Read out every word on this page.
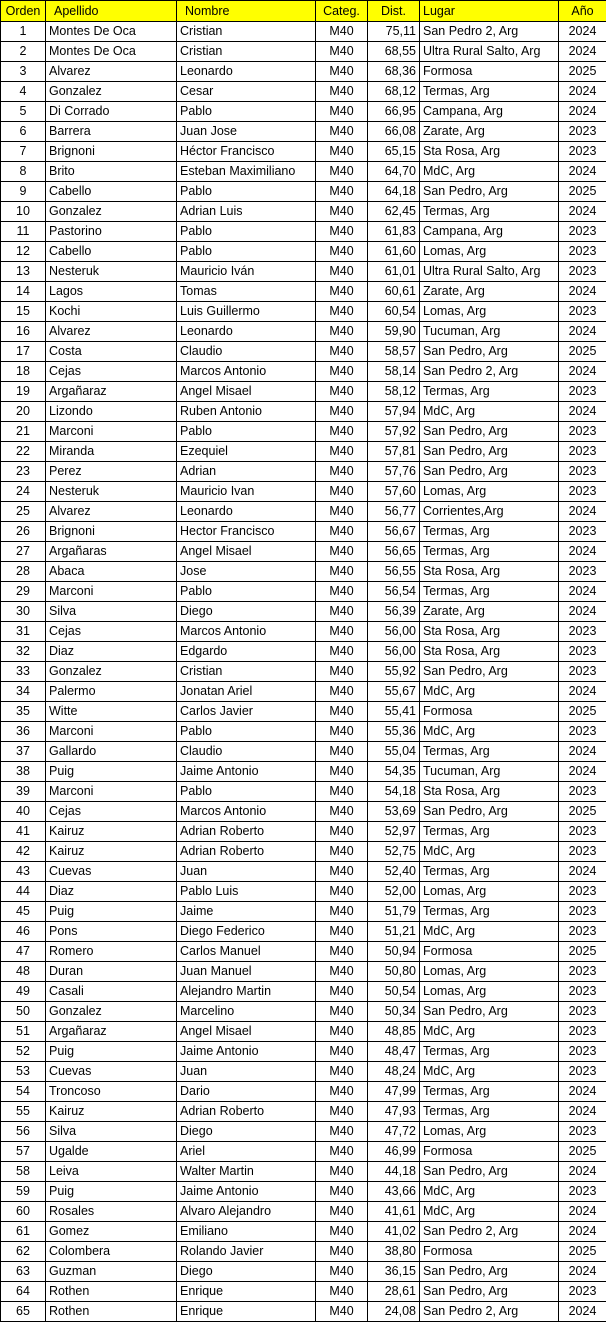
Orden	Apellido	Nombre	Categ.	Dist.	Lugar	Año
1	Montes De Oca	Cristian	M40	75,11	San Pedro 2, Arg	2024
2	Montes De Oca	Cristian	M40	68,55	Ultra Rural Salto, Arg	2024
3	Alvarez	Leonardo	M40	68,36	Formosa	2025
4	Gonzalez	Cesar	M40	68,12	Termas, Arg	2024
5	Di Corrado	Pablo	M40	66,95	Campana, Arg	2024
6	Barrera	Juan Jose	M40	66,08	Zarate, Arg	2023
7	Brignoni	Héctor Francisco	M40	65,15	Sta Rosa, Arg	2023
8	Brito	Esteban Maximiliano	M40	64,70	MdC, Arg	2024
9	Cabello	Pablo	M40	64,18	San Pedro, Arg	2025
10	Gonzalez	Adrian Luis	M40	62,45	Termas, Arg	2024
11	Pastorino	Pablo	M40	61,83	Campana, Arg	2023
12	Cabello	Pablo	M40	61,60	Lomas, Arg	2023
13	Nesteruk	Mauricio Iván	M40	61,01	Ultra Rural Salto, Arg	2023
14	Lagos	Tomas	M40	60,61	Zarate, Arg	2024
15	Kochi	Luis Guillermo	M40	60,54	Lomas, Arg	2023
16	Alvarez	Leonardo	M40	59,90	Tucuman, Arg	2024
17	Costa	Claudio	M40	58,57	San Pedro, Arg	2025
18	Cejas	Marcos Antonio	M40	58,14	San Pedro 2, Arg	2024
19	Argañaraz	Angel Misael	M40	58,12	Termas, Arg	2023
20	Lizondo	Ruben Antonio	M40	57,94	MdC, Arg	2024
21	Marconi	Pablo	M40	57,92	San Pedro, Arg	2023
22	Miranda	Ezequiel	M40	57,81	San Pedro, Arg	2023
23	Perez	Adrian	M40	57,76	San Pedro, Arg	2023
24	Nesteruk	Mauricio Ivan	M40	57,60	Lomas, Arg	2023
25	Alvarez	Leonardo	M40	56,77	Corrientes,Arg	2024
26	Brignoni	Hector Francisco	M40	56,67	Termas, Arg	2023
27	Argañaras	Angel Misael	M40	56,65	Termas, Arg	2024
28	Abaca	Jose	M40	56,55	Sta Rosa, Arg	2023
29	Marconi	Pablo	M40	56,54	Termas, Arg	2024
30	Silva	Diego	M40	56,39	Zarate, Arg	2024
31	Cejas	Marcos Antonio	M40	56,00	Sta Rosa, Arg	2023
32	Diaz	Edgardo	M40	56,00	Sta Rosa, Arg	2023
33	Gonzalez	Cristian	M40	55,92	San Pedro, Arg	2023
34	Palermo	Jonatan Ariel	M40	55,67	MdC, Arg	2024
35	Witte	Carlos Javier	M40	55,41	Formosa	2025
36	Marconi	Pablo	M40	55,36	MdC, Arg	2023
37	Gallardo	Claudio	M40	55,04	Termas, Arg	2024
38	Puig	Jaime Antonio	M40	54,35	Tucuman, Arg	2024
39	Marconi	Pablo	M40	54,18	Sta Rosa, Arg	2023
40	Cejas	Marcos Antonio	M40	53,69	San Pedro, Arg	2025
41	Kairuz	Adrian Roberto	M40	52,97	Termas, Arg	2023
42	Kairuz	Adrian Roberto	M40	52,75	MdC, Arg	2023
43	Cuevas	Juan	M40	52,40	Termas, Arg	2024
44	Diaz	Pablo Luis	M40	52,00	Lomas, Arg	2023
45	Puig	Jaime	M40	51,79	Termas, Arg	2023
46	Pons	Diego Federico	M40	51,21	MdC, Arg	2023
47	Romero	Carlos Manuel	M40	50,94	Formosa	2025
48	Duran	Juan Manuel	M40	50,80	Lomas, Arg	2023
49	Casali	Alejandro Martin	M40	50,54	Lomas, Arg	2023
50	Gonzalez	Marcelino	M40	50,34	San Pedro, Arg	2023
51	Argañaraz	Angel Misael	M40	48,85	MdC, Arg	2023
52	Puig	Jaime Antonio	M40	48,47	Termas, Arg	2023
53	Cuevas	Juan	M40	48,24	MdC, Arg	2023
54	Troncoso	Dario	M40	47,99	Termas, Arg	2024
55	Kairuz	Adrian Roberto	M40	47,93	Termas, Arg	2024
56	Silva	Diego	M40	47,72	Lomas, Arg	2023
57	Ugalde	Ariel	M40	46,99	Formosa	2025
58	Leiva	Walter Martin	M40	44,18	San Pedro, Arg	2024
59	Puig	Jaime Antonio	M40	43,66	MdC, Arg	2023
60	Rosales	Alvaro Alejandro	M40	41,61	MdC, Arg	2024
61	Gomez	Emiliano	M40	41,02	San Pedro 2, Arg	2024
62	Colombera	Rolando Javier	M40	38,80	Formosa	2025
63	Guzman	Diego	M40	36,15	San Pedro, Arg	2024
64	Rothen	Enrique	M40	28,61	San Pedro, Arg	2023
65	Rothen	Enrique	M40	24,08	San Pedro 2, Arg	2024
